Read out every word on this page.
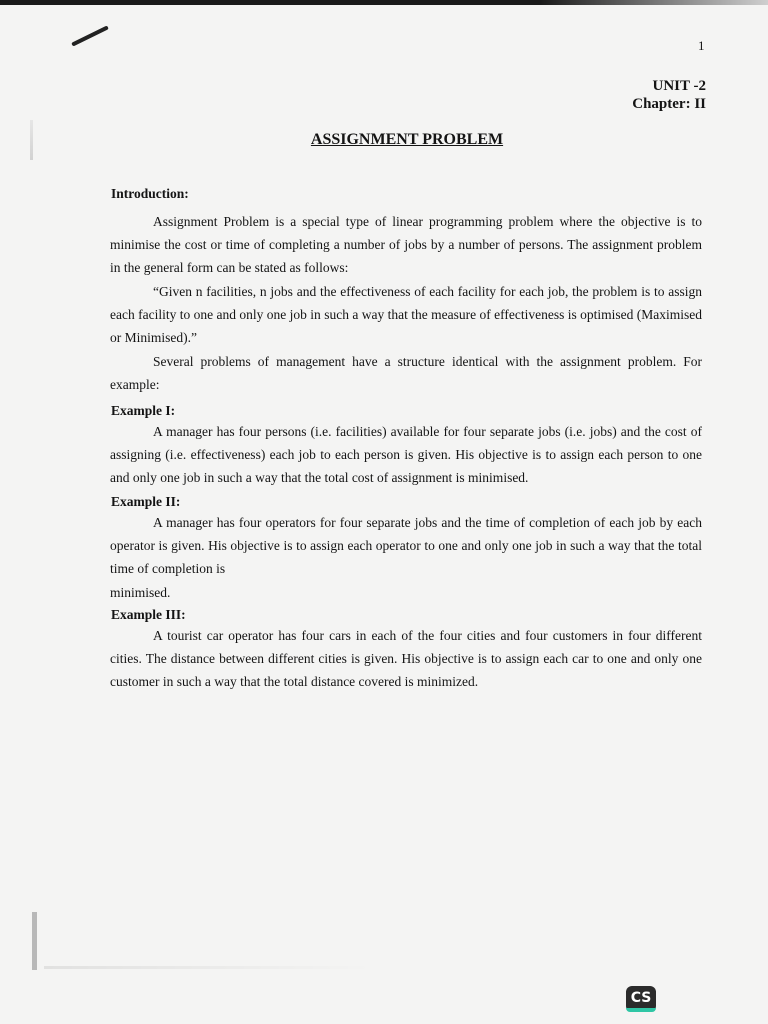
1
UNIT -2
Chapter: II
ASSIGNMENT PROBLEM
Introduction:
Assignment Problem is a special type of linear programming problem where the objective is to minimise the cost or time of completing a number of jobs by a number of persons. The assignment problem in the general form can be stated as follows:
“Given n facilities, n jobs and the effectiveness of each facility for each job, the problem is to assign each facility to one and only one job in such a way that the measure of effectiveness is optimised (Maximised or Minimised).”
Several problems of management have a structure identical with the assignment problem. For example:
Example I:
A manager has four persons (i.e. facilities) available for four separate jobs (i.e. jobs) and the cost of assigning (i.e. effectiveness) each job to each person is given. His objective is to assign each person to one and only one job in such a way that the total cost of assignment is minimised.
Example II:
A manager has four operators for four separate jobs and the time of completion of each job by each operator is given. His objective is to assign each operator to one and only one job in such a way that the total time of completion is
minimised.
Example III:
A tourist car operator has four cars in each of the four cities and four customers in four different cities. The distance between different cities is given. His objective is to assign each car to one and only one customer in such a way that the total distance covered is minimized.
CS
